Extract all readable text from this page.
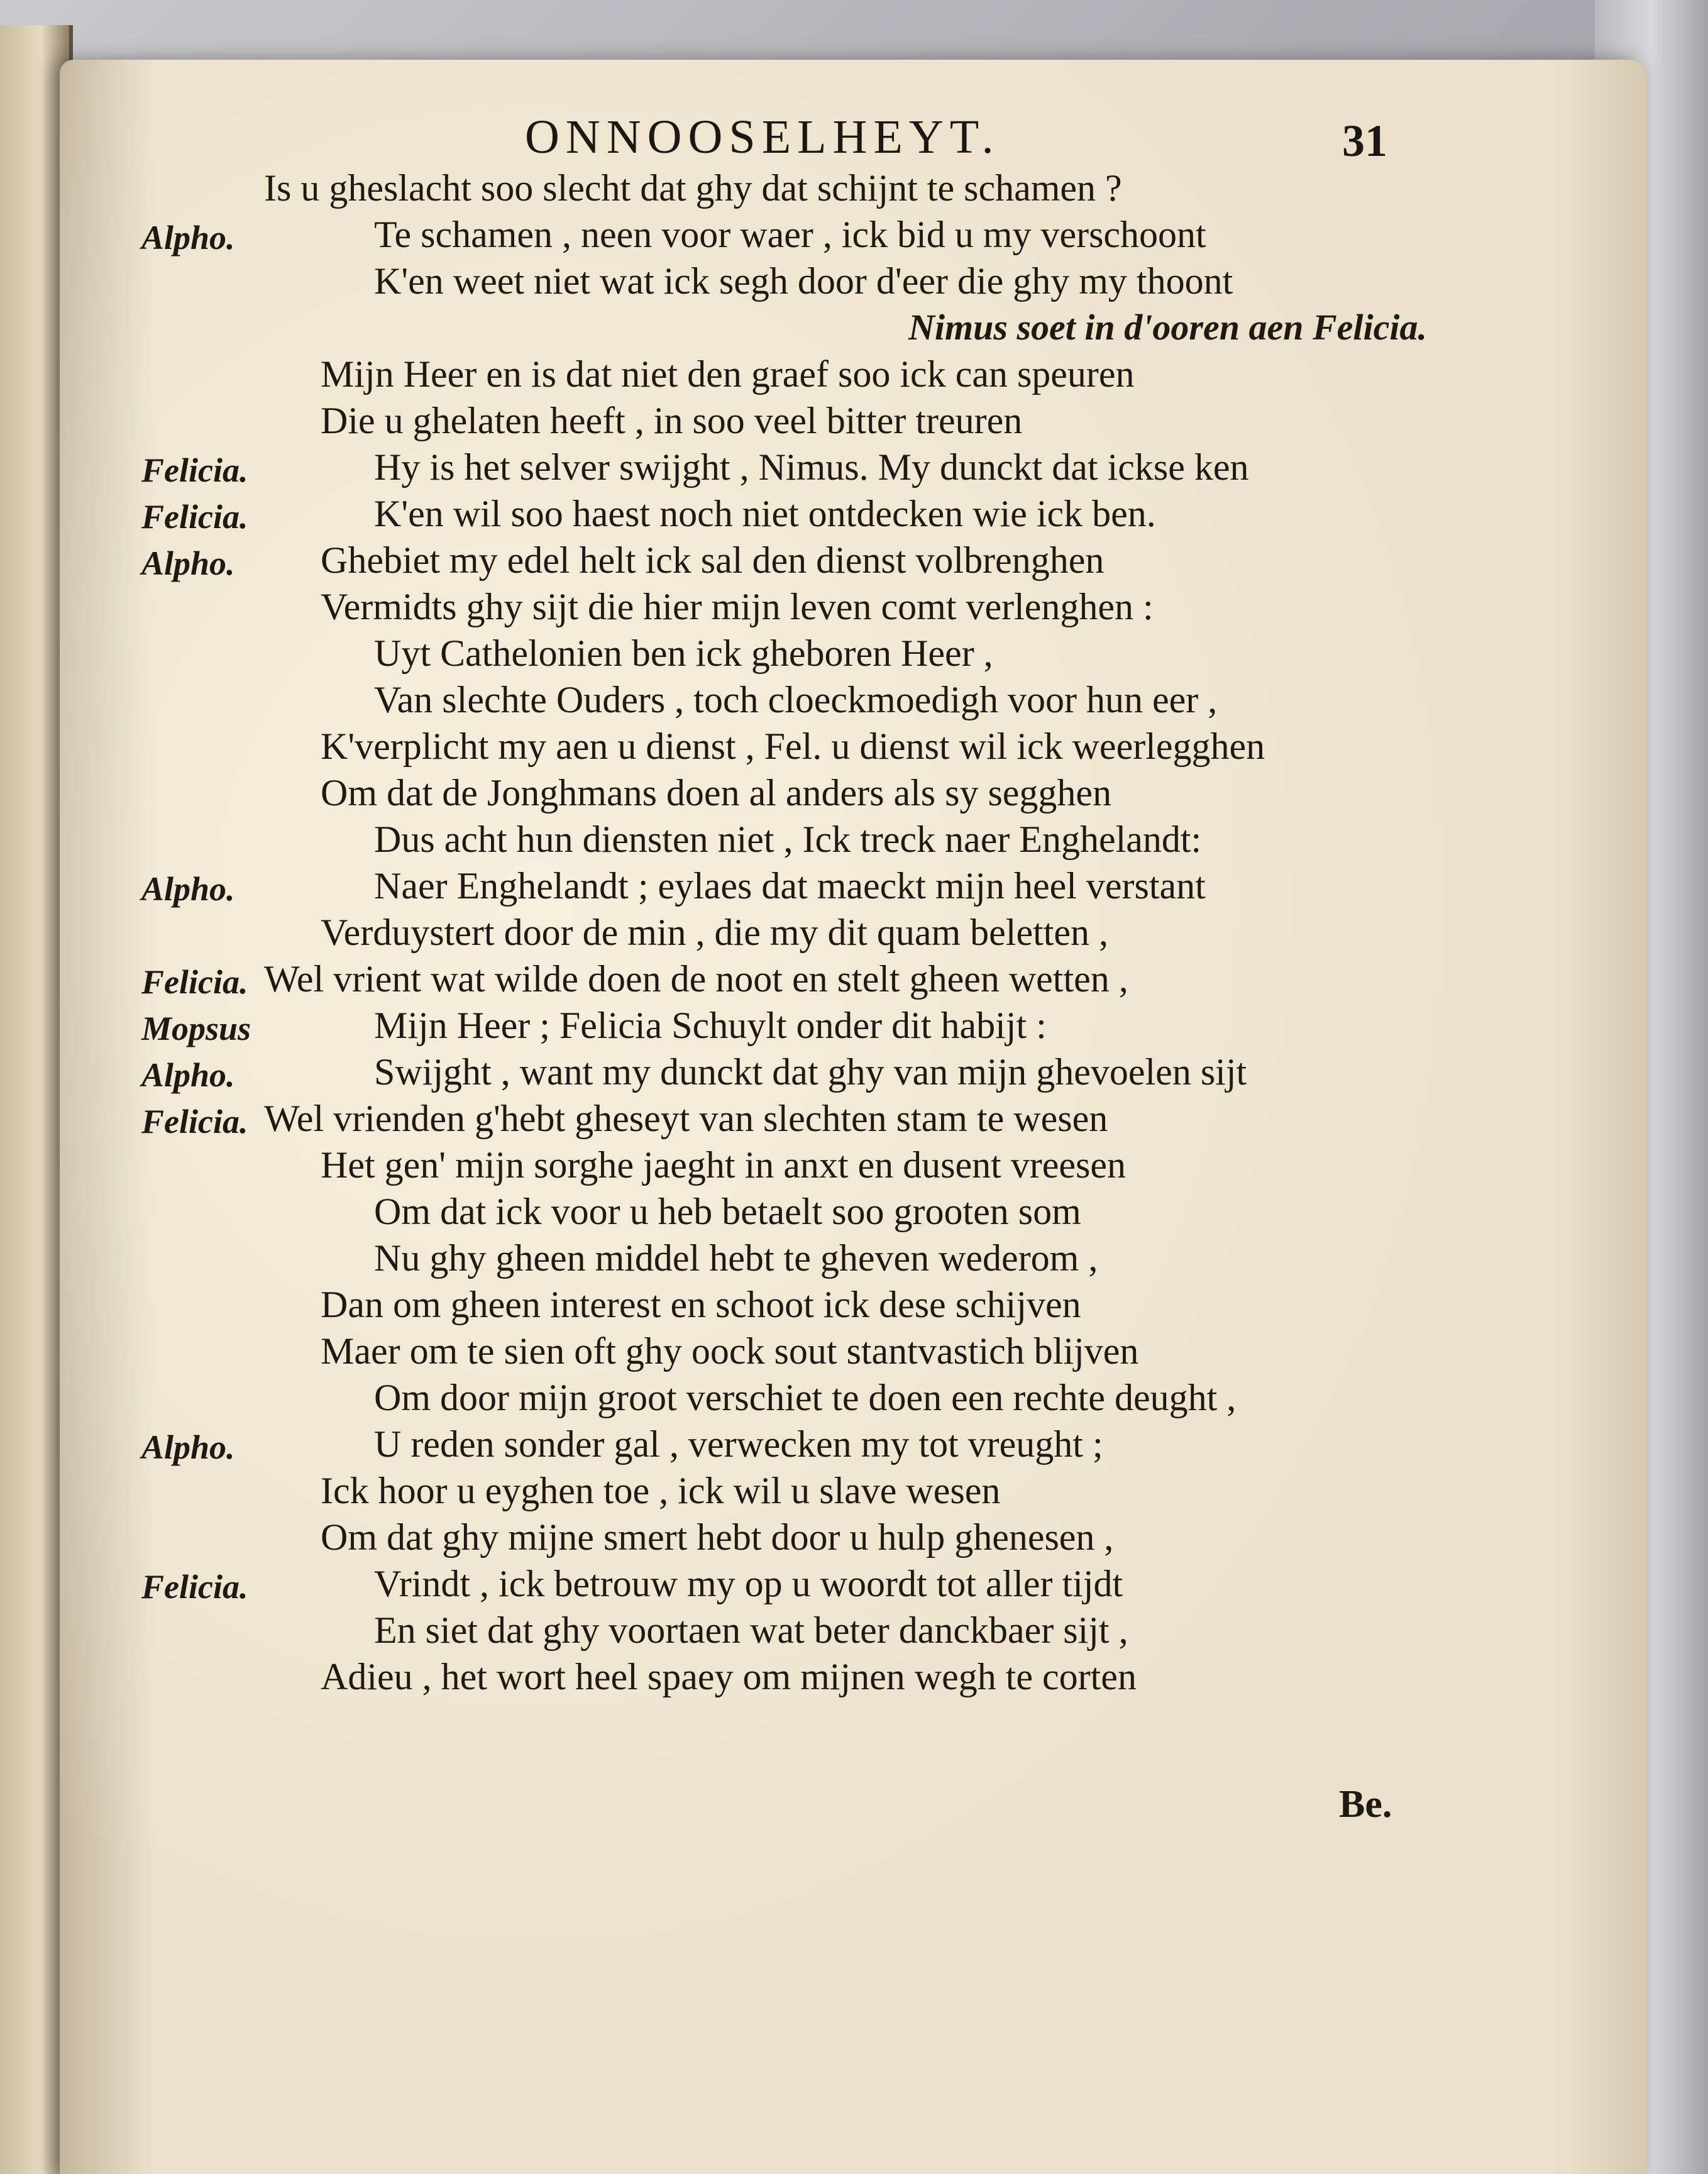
ONNOOSELHEYT.	31
Is u gheslacht soo slecht dat ghy dat schijnt te schamen ?
Alpho.	Te schamen , neen voor waer , ick bid u my verschoont
K'en weet niet wat ick segh door d'eer die ghy my thoont
Nimus soet in d'ooren aen Felicia.
Mijn Heer en is dat niet den graef soo ick can speuren
Die u ghelaten heeft , in soo veel bitter treuren
Felicia.	Hy is het selver swijght , Nimus. My dunckt dat ickse ken
Felicia.	K'en wil soo haest noch niet ontdecken wie ick ben.
Alpho. Ghebiet my edel helt ick sal den dienst volbrenghen
Vermidts ghy sijt die hier mijn leven comt verlenghen :
Uyt Cathelonien ben ick gheboren Heer ,
Van slechte Ouders , toch cloeckmoedigh voor hun eer ,
K'verplicht my aen u dienst , Fel. u dienst wil ick weerlegghen
Om dat de Jonghmans doen al anders als sy segghen
Dus acht hun diensten niet , Ick treck naer Enghelandt:
Alpho.	Naer Enghelandt ; eylaes dat maeckt mijn heel verstant
Verduystert door de min , die my dit quam beletten ,
Felicia. Wel vrient wat wilde doen de noot en stelt gheen wetten ,
Mopsus	Mijn Heer ; Felicia Schuylt onder dit habijt :
Alpho.	Swijght , want my dunckt dat ghy van mijn ghevoelen sijt
Felicia. Wel vrienden g'hebt gheseyt van slechten stam te wesen
Het gen' mijn sorghe jaeght in anxt en dusent vreesen
Om dat ick voor u heb betaelt soo grooten som
Nu ghy gheen middel hebt te gheven wederom ,
Dan om gheen interest en schoot ick dese schijven
Maer om te sien oft ghy oock sout stantvastich blijven
Om door mijn groot verschiet te doen een rechte deught ,
Alpho.	U reden sonder gal , verwecken my tot vreught ;
Ick hoor u eyghen toe , ick wil u slave wesen
Om dat ghy mijne smert hebt door u hulp ghenesen ,
Felicia.	Vrindt , ick betrouw my op u woordt tot aller tijdt
En siet dat ghy voortaen wat beter danckbaer sijt ,
Adieu , het wort heel spaey om mijnen wegh te corten
Be.
